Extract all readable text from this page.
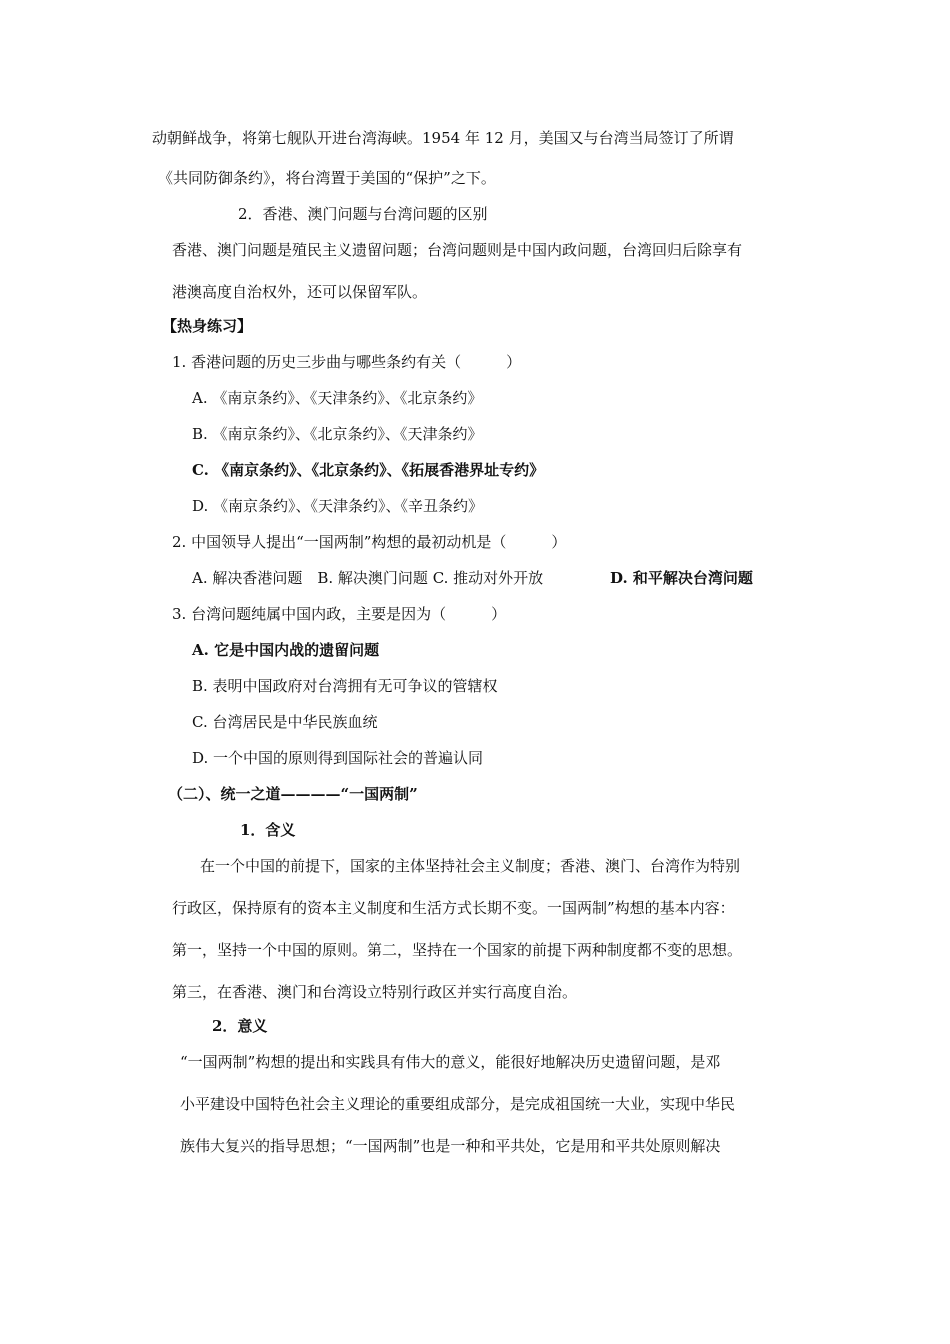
动朝鲜战争，将第七舰队开进台湾海峡。1954 年 12 月，美国又与台湾当局签订了所谓
《共同防御条约》，将台湾置于美国的“保护”之下。
2．香港、澳门问题与台湾问题的区别
香港、澳门问题是殖民主义遗留问题；台湾问题则是中国内政问题，台湾回归后除享有
港澳高度自治权外，还可以保留军队。
【热身练习】
1. 香港问题的历史三步曲与哪些条约有关（　　　）
A. 《南京条约》、《天津条约》、《北京条约》
B. 《南京条约》、《北京条约》、《天津条约》
C. 《南京条约》、《北京条约》、《拓展香港界址专约》
D. 《南京条约》、《天津条约》、《辛丑条约》
2. 中国领导人提出“一国两制”构想的最初动机是（　　　）
A. 解决香港问题　B. 解决澳门问题 C. 推动对外开放	D. 和平解决台湾问题
3. 台湾问题纯属中国内政，主要是因为（　　　）
A. 它是中国内战的遗留问题
B. 表明中国政府对台湾拥有无可争议的管辖权
C. 台湾居民是中华民族血统
D. 一个中国的原则得到国际社会的普遍认同
（二）、统一之道————“一国两制”
1．含义
在一个中国的前提下，国家的主体坚持社会主义制度；香港、澳门、台湾作为特别
行政区，保持原有的资本主义制度和生活方式长期不变。一国两制”构想的基本内容：
第一，坚持一个中国的原则。第二，坚持在一个国家的前提下两种制度都不变的思想。
第三，在香港、澳门和台湾设立特别行政区并实行高度自治。
2．意义
“一国两制”构想的提出和实践具有伟大的意义，能很好地解决历史遗留问题，是邓
小平建设中国特色社会主义理论的重要组成部分，是完成祖国统一大业，实现中华民
族伟大复兴的指导思想；“一国两制”也是一种和平共处，它是用和平共处原则解决
